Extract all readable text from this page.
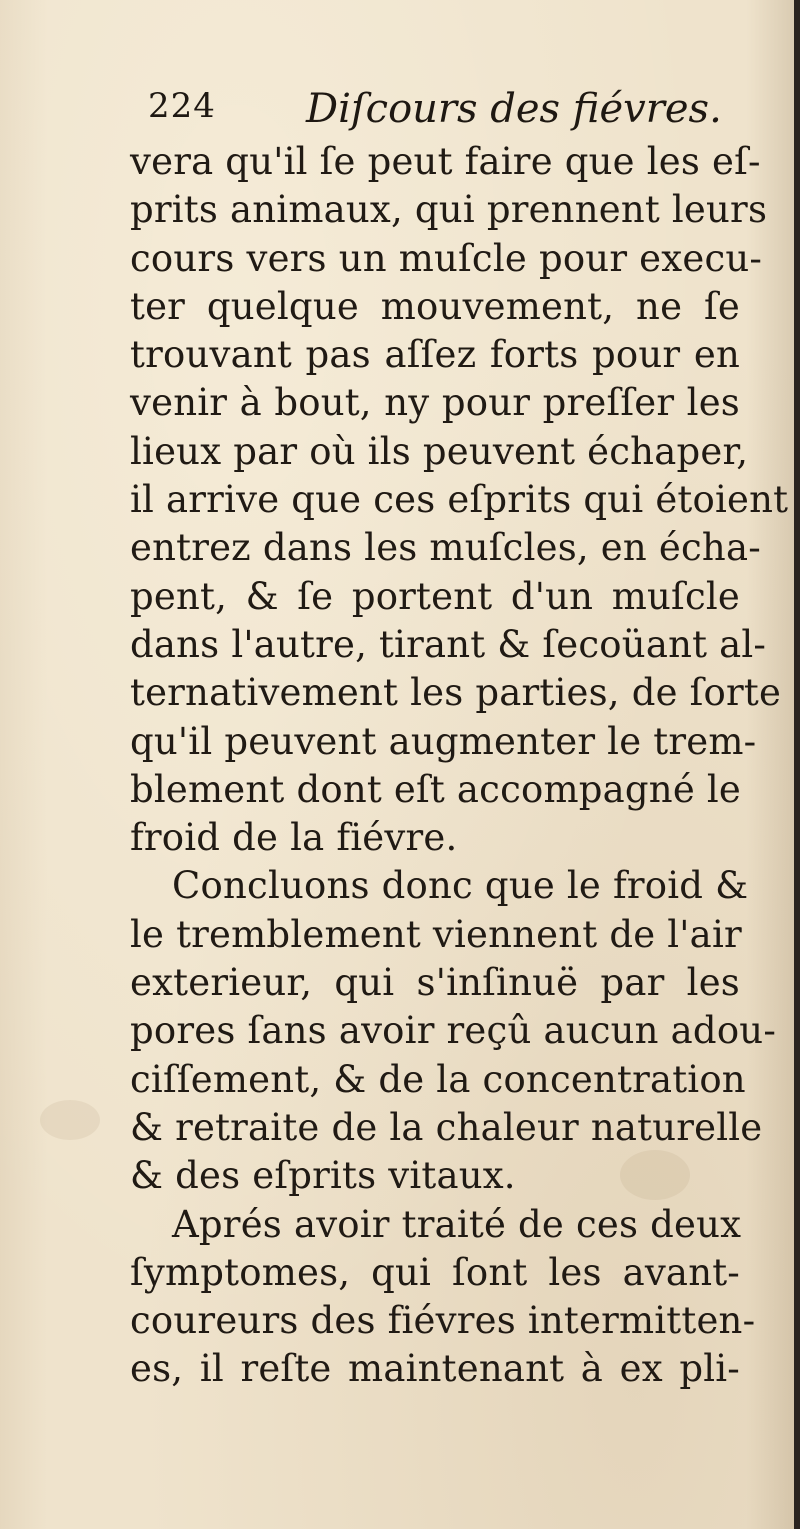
224 Diſcours des fiévres.
vera qu'il ſe peut faire que les eſ-
prits animaux, qui prennent leurs
cours vers un muſcle pour execu-
ter quelque mouvement, ne ſe
trouvant pas aſſez forts pour en
venir à bout, ny pour preſſer les
lieux par où ils peuvent échaper,
il arrive que ces eſprits qui étoient
entrez dans les muſcles, en écha-
pent, & ſe portent d'un muſcle
dans l'autre, tirant & ſecoüant al-
ternativement les parties, de ſorte
qu'il peuvent augmenter le trem-
blement dont eſt accompagné le
froid de la fiévre.
Concluons donc que le froid &
le tremblement viennent de l'air
exterieur, qui s'inſinuë par les
pores ſans avoir reçû aucun adou-
ciſſement, & de la concentration
& retraite de la chaleur naturelle
& des eſprits vitaux.
Aprés avoir traité de ces deux
ſymptomes, qui ſont les avant-
coureurs des fiévres intermitten-
es, il reſte maintenant à ex pli-
